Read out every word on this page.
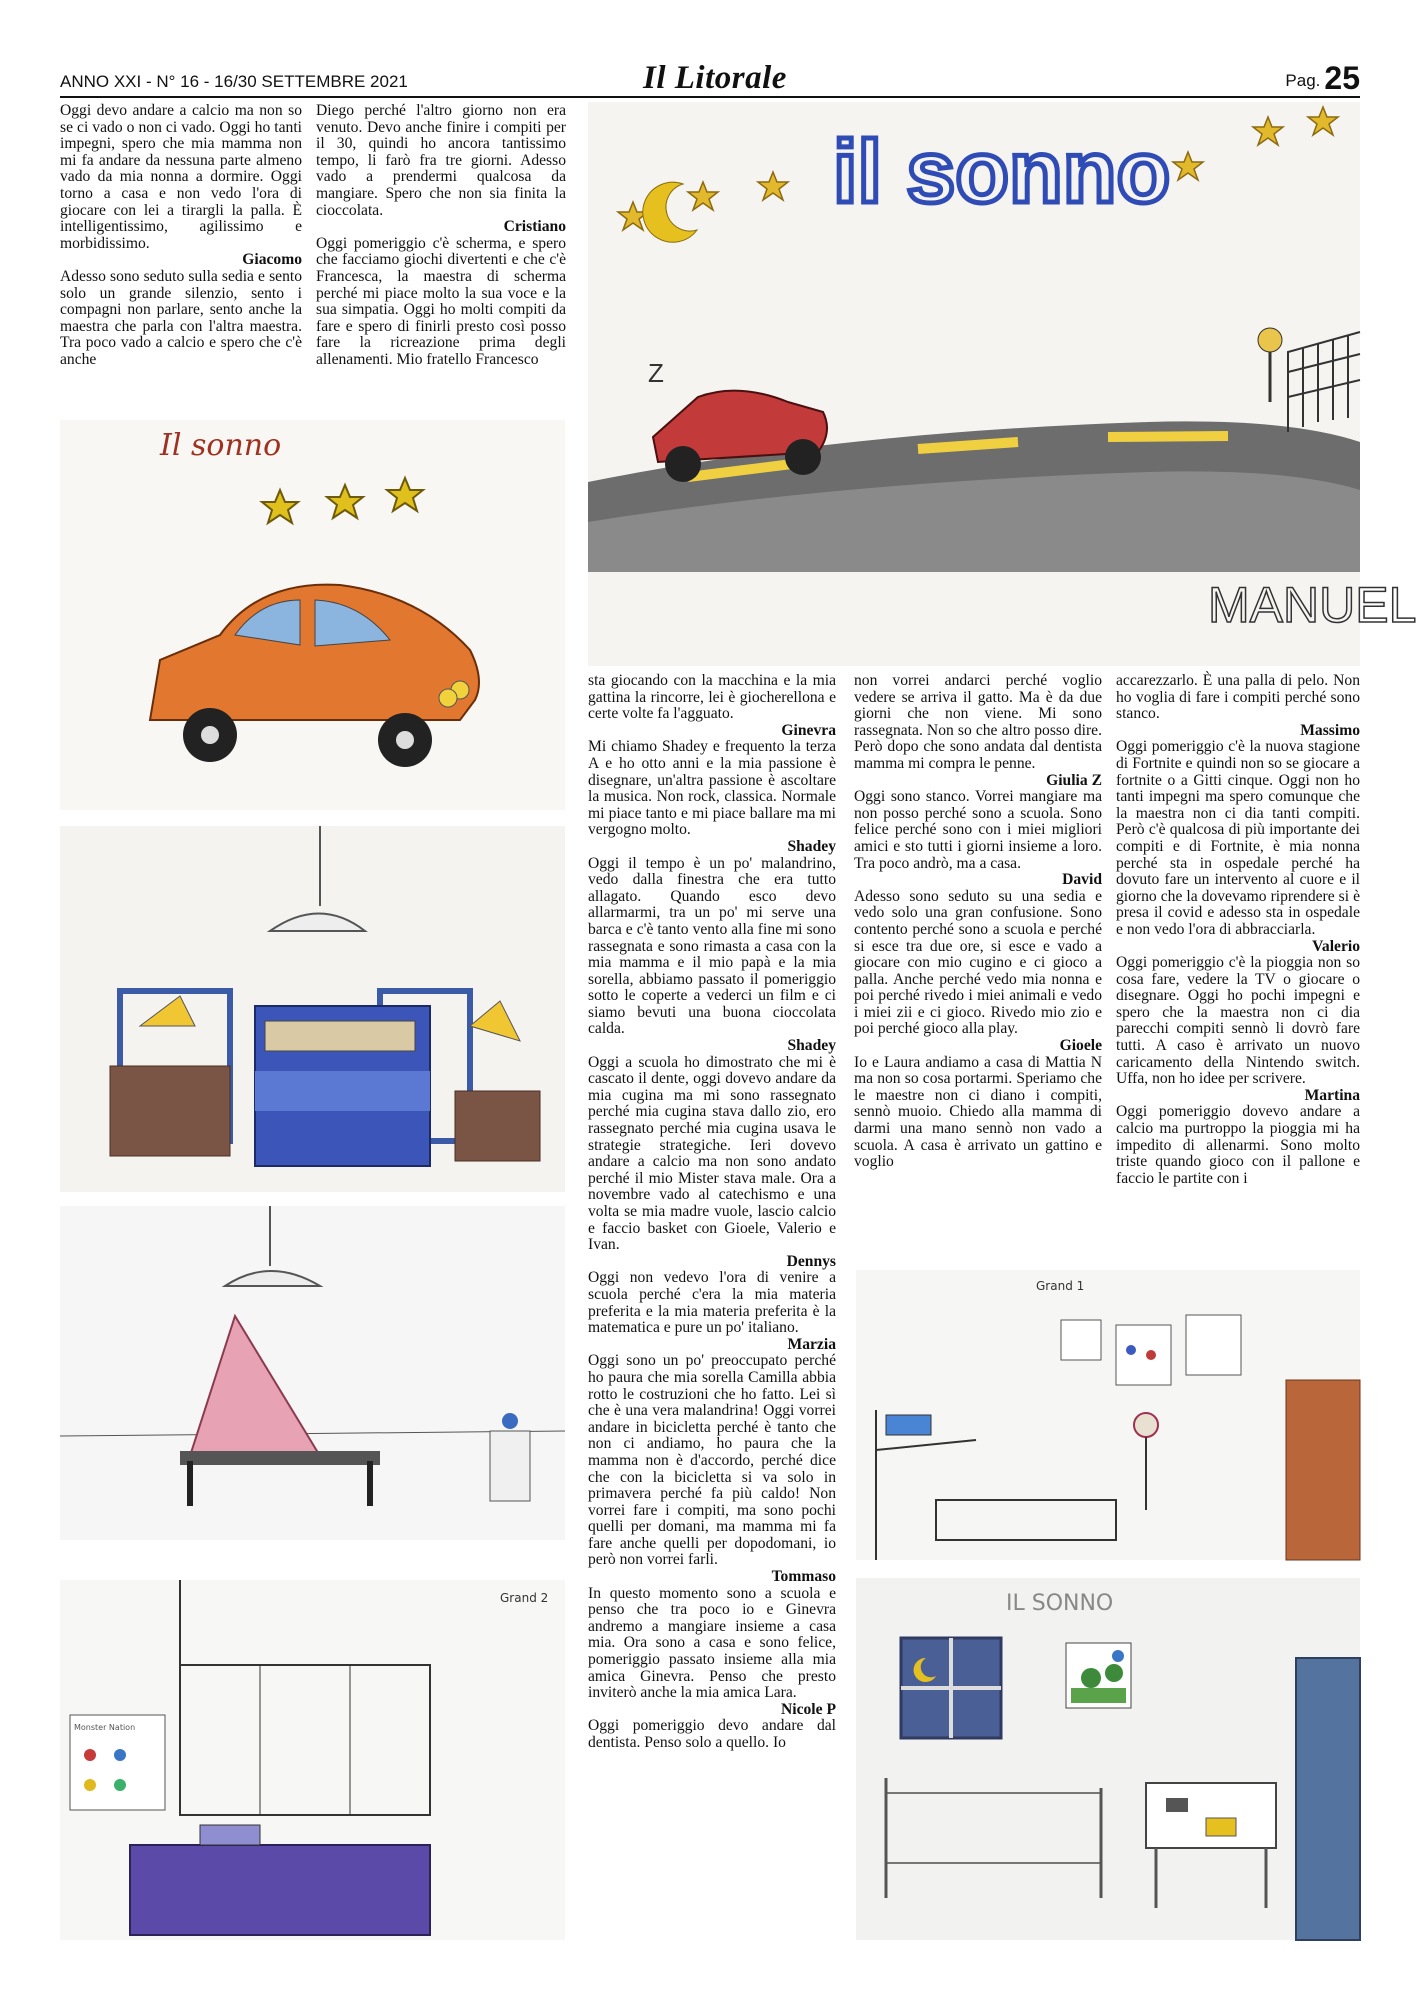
ANNO XXI - N° 16 - 16/30 SETTEMBRE 2021	Il Litorale	Pag. 25

Oggi devo andare a calcio ma non so se ci vado o non ci vado. Oggi ho tanti impegni, spero che mia mamma non mi fa andare da nessuna parte almeno vado da mia nonna a dormire. Oggi torno a casa e non vedo l'ora di giocare con lei a tirargli la palla. È intelligentissimo, agilissimo e morbidissimo.

Giacomo

Adesso sono seduto sulla sedia e sento solo un grande silenzio, sento i compagni non parlare, sento anche la maestra che parla con l'altra maestra. Tra poco vado a calcio e spero che c'è anche

Diego perché l'altro giorno non era venuto. Devo anche finire i compiti per il 30, quindi ho ancora tantissimo tempo, li farò fra tre giorni. Adesso vado a prendermi qualcosa da mangiare. Spero che non sia finita la cioccolata.

Cristiano

Oggi pomeriggio c'è scherma, e spero che facciamo giochi divertenti e che c'è Francesca, la maestra di scherma perché mi piace molto la sua voce e la sua simpatia. Oggi ho molti compiti da fare e spero di finirli presto così posso fare la ricreazione prima degli allenamenti. Mio fratello Francesco

il sonno
Z
MANUEL
Il sonno
Grand 2
Monster Nation

sta giocando con la macchina e la mia gattina la rincorre, lei è giocherellona e certe volte fa l'agguato.

Ginevra

Mi chiamo Shadey e frequento la terza A e ho otto anni e la mia passione è disegnare, un'altra passione è ascoltare la musica. Non rock, classica. Normale mi piace tanto e mi piace ballare ma mi vergogno molto.

Shadey

Oggi il tempo è un po' malandrino, vedo dalla finestra che era tutto allagato. Quando esco devo allarmarmi, tra un po' mi serve una barca e c'è tanto vento alla fine mi sono rassegnata e sono rimasta a casa con la mia mamma e il mio papà e la mia sorella, abbiamo passato il pomeriggio sotto le coperte a vederci un film e ci siamo bevuti una buona cioccolata calda.

Shadey

Oggi a scuola ho dimostrato che mi è cascato il dente, oggi dovevo andare da mia cugina ma mi sono rassegnato perché mia cugina stava dallo zio, ero rassegnato perché mia cugina usava le strategie strategiche. Ieri dovevo andare a calcio ma non sono andato perché il mio Mister stava male. Ora a novembre vado al catechismo e una volta se mia madre vuole, lascio calcio e faccio basket con Gioele, Valerio e Ivan.

Dennys

Oggi non vedevo l'ora di venire a scuola perché c'era la mia materia preferita e la mia materia preferita è la matematica e pure un po' italiano.

Marzia

Oggi sono un po' preoccupato perché ho paura che mia sorella Camilla abbia rotto le costruzioni che ho fatto. Lei sì che è una vera malandrina! Oggi vorrei andare in bicicletta perché è tanto che non ci andiamo, ho paura che la mamma non è d'accordo, perché dice che con la bicicletta si va solo in primavera perché fa più caldo! Non vorrei fare i compiti, ma sono pochi quelli per domani, ma mamma mi fa fare anche quelli per dopodomani, io però non vorrei farli.

Tommaso

In questo momento sono a scuola e penso che tra poco io e Ginevra andremo a mangiare insieme a casa mia. Ora sono a casa e sono felice, pomeriggio passato insieme alla mia amica Ginevra. Penso che presto inviterò anche la mia amica Lara.

Nicole P

Oggi pomeriggio devo andare dal dentista. Penso solo a quello. Io

non vorrei andarci perché voglio vedere se arriva il gatto. Ma è da due giorni che non viene. Mi sono rassegnata. Non so che altro posso dire. Però dopo che sono andata dal dentista mamma mi compra le penne.

Giulia Z

Oggi sono stanco. Vorrei mangiare ma non posso perché sono a scuola. Sono felice perché sono con i miei migliori amici e sto tutti i giorni insieme a loro. Tra poco andrò, ma a casa.

David

Adesso sono seduto su una sedia e vedo solo una gran confusione. Sono contento perché sono a scuola e perché si esce tra due ore, si esce e vado a giocare con mio cugino e ci gioco a palla. Anche perché vedo mia nonna e poi perché rivedo i miei animali e vedo i miei zii e ci gioco. Rivedo mio zio e poi perché gioco alla play.

Gioele

Io e Laura andiamo a casa di Mattia N ma non so cosa portarmi. Speriamo che le maestre non ci diano i compiti, sennò muoio. Chiedo alla mamma di darmi una mano sennò non vado a scuola. A casa è arrivato un gattino e voglio

accarezzarlo. È una palla di pelo. Non ho voglia di fare i compiti perché sono stanco.

Massimo

Oggi pomeriggio c'è la nuova stagione di Fortnite e quindi non so se giocare a fortnite o a Gitti cinque. Oggi non ho tanti impegni ma spero comunque che la maestra non ci dia tanti compiti. Però c'è qualcosa di più importante dei compiti e di Fortnite, è mia nonna perché sta in ospedale perché ha dovuto fare un intervento al cuore e il giorno che la dovevamo riprendere si è presa il covid e adesso sta in ospedale e non vedo l'ora di abbracciarla.

Valerio

Oggi pomeriggio c'è la pioggia non so cosa fare, vedere la TV o giocare o disegnare. Oggi ho pochi impegni e spero che la maestra non ci dia parecchi compiti sennò li dovrò fare tutti. A caso è arrivato un nuovo caricamento della Nintendo switch. Uffa, non ho idee per scrivere.

Martina

Oggi pomeriggio dovevo andare a calcio ma purtroppo la pioggia mi ha impedito di allenarmi. Sono molto triste quando gioco con il pallone e faccio le partite con i

Grand 1
IL SONNO
